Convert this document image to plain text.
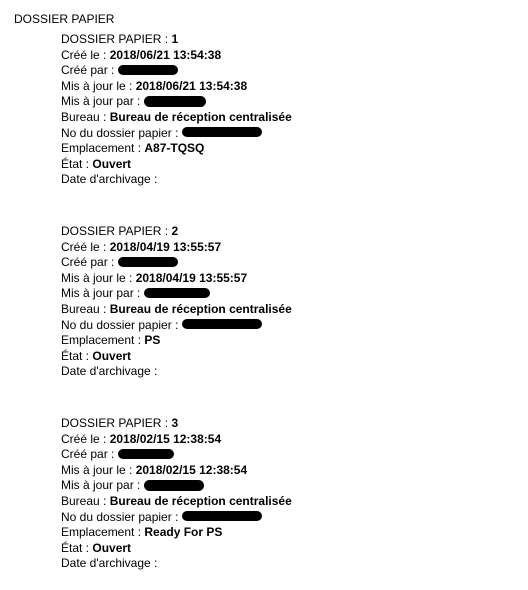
DOSSIER PAPIER
DOSSIER PAPIER : 1
Créé le : 2018/06/21 13:54:38
Créé par :
Mis à jour le : 2018/06/21 13:54:38
Mis à jour par :
Bureau : Bureau de réception centralisée
No du dossier papier :
Emplacement : A87-TQSQ
État : Ouvert
Date d'archivage :
DOSSIER PAPIER : 2
Créé le : 2018/04/19 13:55:57
Créé par :
Mis à jour le : 2018/04/19 13:55:57
Mis à jour par :
Bureau : Bureau de réception centralisée
No du dossier papier :
Emplacement : PS
État : Ouvert
Date d'archivage :
DOSSIER PAPIER : 3
Créé le : 2018/02/15 12:38:54
Créé par :
Mis à jour le : 2018/02/15 12:38:54
Mis à jour par :
Bureau : Bureau de réception centralisée
No du dossier papier :
Emplacement : Ready For PS
État : Ouvert
Date d'archivage :
